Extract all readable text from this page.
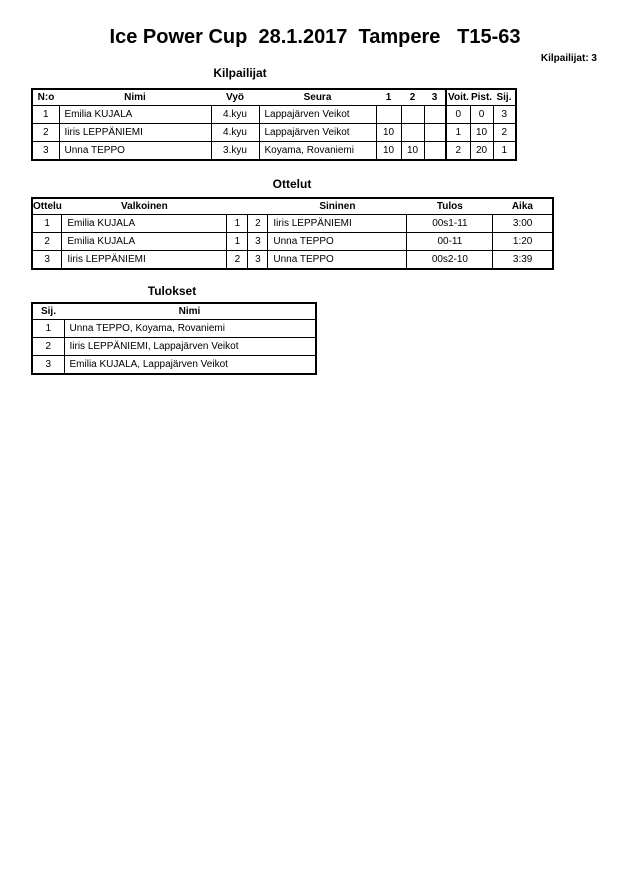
Ice Power Cup  28.1.2017  Tampere   T15-63
Kilpailijat: 3
Kilpailijat
N:o	Nimi	Vyö	Seura	1	2	3	Voit.	Pist.	Sij.
1	Emilia KUJALA	4.kyu	Lappajärven Veikot				0	0	3
2	Iiris LEPPÄNIEMI	4.kyu	Lappajärven Veikot	10			1	10	2
3	Unna TEPPO	3.kyu	Koyama, Rovaniemi	10	10		2	20	1
Ottelut
Ottelu	Valkoinen			Sininen	Tulos	Aika
1	Emilia KUJALA	1	2	Iiris LEPPÄNIEMI	00s1-11	3:00
2	Emilia KUJALA	1	3	Unna TEPPO	00-11	1:20
3	Iiris LEPPÄNIEMI	2	3	Unna TEPPO	00s2-10	3:39
Tulokset
Sij.	Nimi
1	Unna TEPPO, Koyama, Rovaniemi
2	Iiris LEPPÄNIEMI, Lappajärven Veikot
3	Emilia KUJALA, Lappajärven Veikot
